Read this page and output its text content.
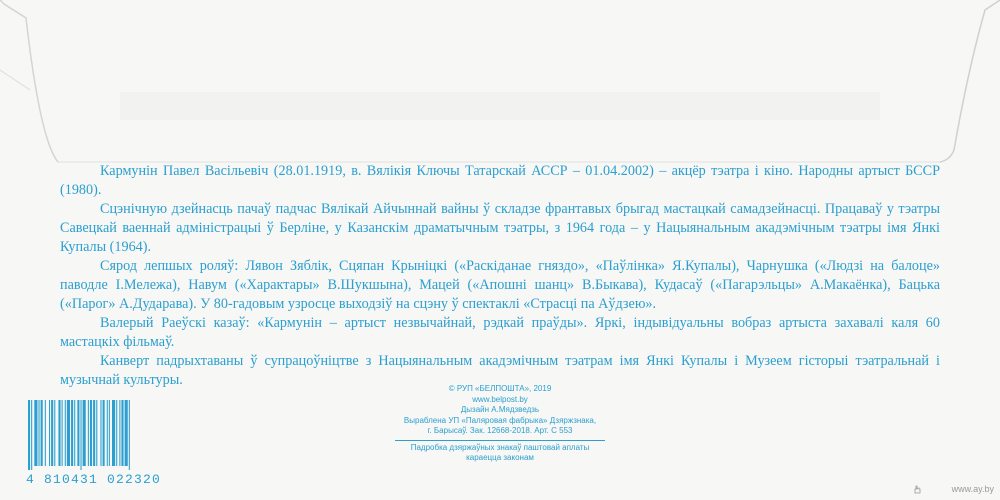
Кармунін Павел Васільевіч (28.01.1919, в. Вялікія Ключы Татарскай АССР – 01.04.2002) – акцёр тэатра і кіно. Народны артыст БССР (1980).

Сцэнічную дзейнасць пачаў падчас Вялікай Айчыннай вайны ў складзе франтавых брыгад мастацкай самадзейнасці. Працаваў у тэатры Савецкай ваеннай адміністрацыі ў Берліне, у Казанскім драматычным тэатры, з 1964 года – у Нацыянальным акадэмічным тэатры імя Янкі Купалы (1964).

Сярод лепшых роляў: Лявон Зяблік, Сцяпан Крыніцкі («Раскіданае гняздо», «Паўлінка» Я.Купалы), Чарнушка («Людзі на балоце» паводле І.Мележа), Навум («Характары» В.Шукшына), Мацей («Апошні шанц» В.Быкава), Кудасаў («Пагарэльцы» А.Макаёнка), Бацька («Парог» А.Дударава). У 80-гадовым узросце выходзіў на сцэну ў спектаклі «Страсці па Аўдзею».

Валерый Раеўскі казаў: «Кармунін – артыст незвычайнай, рэдкай праўды». Яркі, індывідуальны вобраз артыста захавалі каля 60 мастацкіх фільмаў.

Канверт падрыхтаваны ў супрацоўніцтве з Нацыянальным акадэмічным тэатрам імя Янкі Купалы і Музеем гісторыі тэатральнай і музычнай культуры.

© РУП «БЕЛПОШТА», 2019
www.belpost.by
Дызайн А.Мядзведзь
Выраблена УП «Паляровая фабрыка» Дзяржзнака,
г. Барысаў. Зак. 12668-2018. Арт. С 553
Падробка дзяржаўных знакаў паштовай аплаты
караецца законам
4 810431 022320
www.ay.by
